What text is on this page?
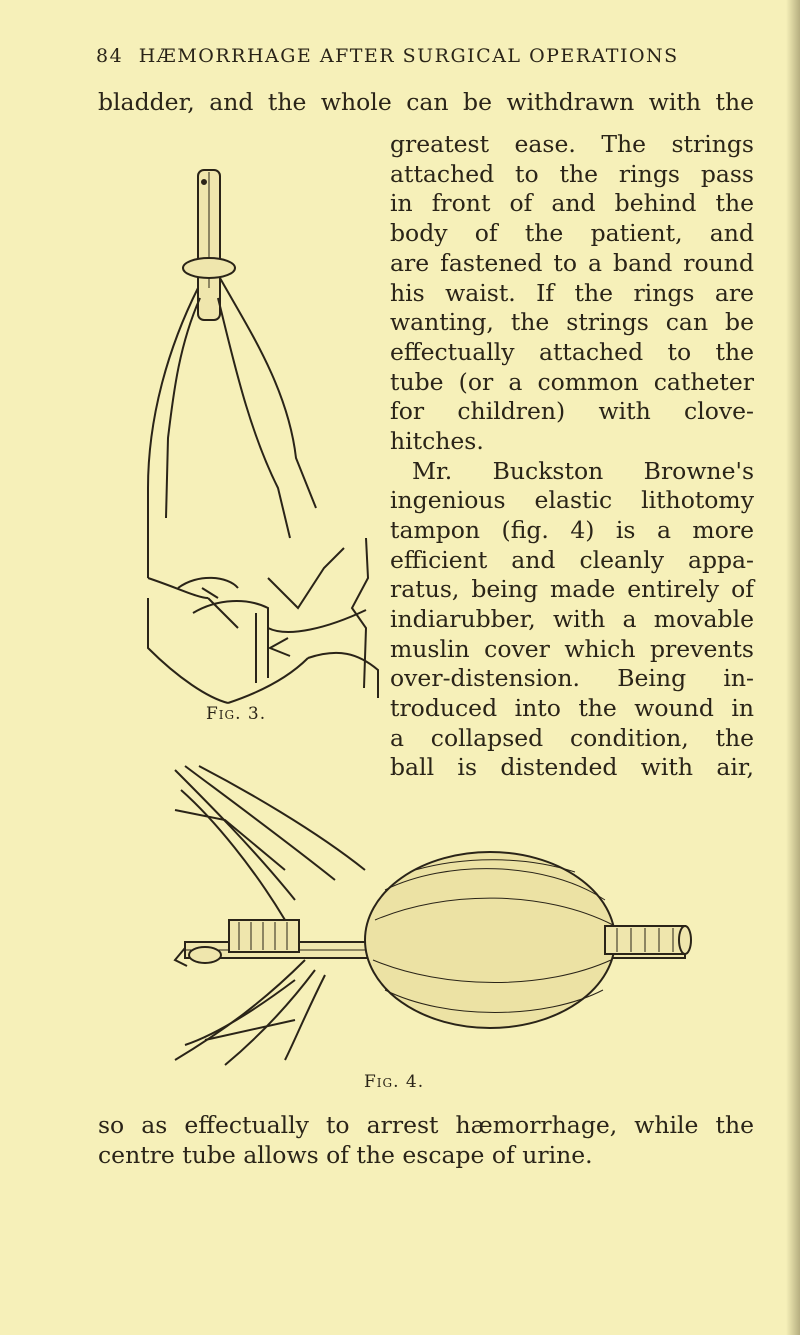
84 HÆMORRHAGE AFTER SURGICAL OPERATIONS
bladder, and the whole can be withdrawn with the
greatest ease. The strings
attached to the rings pass
in front of and behind the
body of the patient, and
are fastened to a band round
his waist. If the rings are
wanting, the strings can be
effectually attached to the
tube (or a common catheter
for children) with clove-
hitches.
Mr. Buckston Browne's
ingenious elastic lithotomy
tampon (fig. 4) is a more
efficient and cleanly appa-
ratus, being made entirely of
indiarubber, with a movable
muslin cover which prevents
over-distension. Being in-
troduced into the wound in
a collapsed condition, the
ball is distended with air,
Fig. 3.
Fig. 4.
so as effectually to arrest hæmorrhage, while the
centre tube allows of the escape of urine.
